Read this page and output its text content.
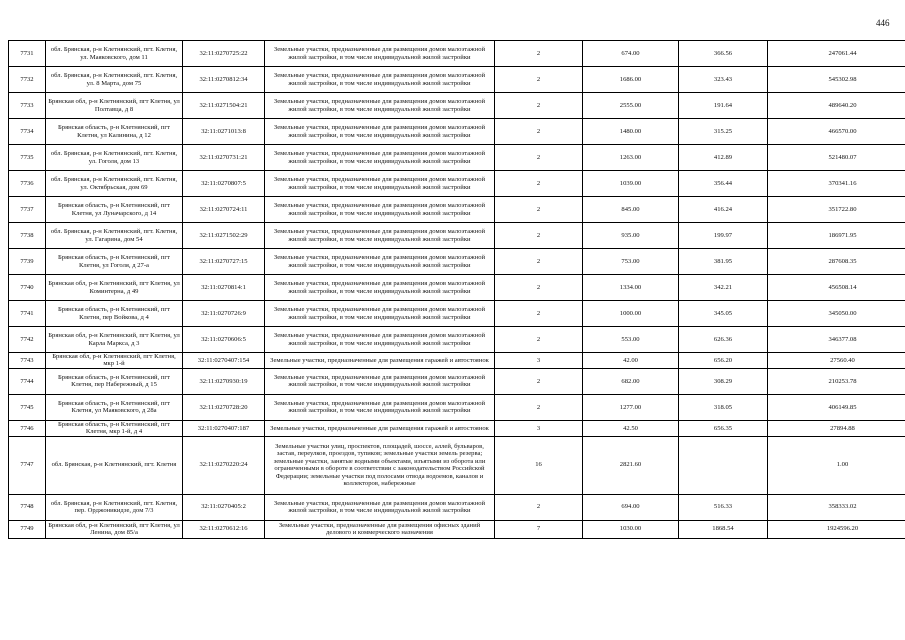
446
7731	обл. Брянская, р-н Клетнянский, пгт. Клетня, ул. Маяковского, дом 11	32:11:0270725:22	Земельные участки, предназначенные для размещения домов малоэтажной жилой застройки, в том числе индивидуальной жилой застройки	2	674.00	366.56	247061.44
7732	обл. Брянская, р-н Клетнянский, пгт. Клетня, ул. 8 Марта, дом 75	32:11:0270812:34	Земельные участки, предназначенные для размещения домов малоэтажной жилой застройки, в том числе индивидуальной жилой застройки	2	1686.00	323.43	545302.98
7733	Брянская обл, р-н Клетнянский, пгт Клетня, ул Полтавца, д 8	32:11:0271504:21	Земельные участки, предназначенные для размещения домов малоэтажной жилой застройки, в том числе индивидуальной жилой застройки	2	2555.00	191.64	489640.20
7734	Брянская область, р-н Клетнянский, пгт Клетня, ул Калинина, д 12	32:11:0271013:8	Земельные участки, предназначенные для размещения домов малоэтажной жилой застройки, в том числе индивидуальной жилой застройки	2	1480.00	315.25	466570.00
7735	обл. Брянская, р-н Клетнянский, пгт. Клетня, ул. Гоголя, дом 13	32:11:0270731:21	Земельные участки, предназначенные для размещения домов малоэтажной жилой застройки, в том числе индивидуальной жилой застройки	2	1263.00	412.89	521480.07
7736	обл. Брянская, р-н Клетнянский, пгт. Клетня, ул. Октябрьская, дом 69	32:11:0270807:5	Земельные участки, предназначенные для размещения домов малоэтажной жилой застройки, в том числе индивидуальной жилой застройки	2	1039.00	356.44	370341.16
7737	Брянская область, р-н Клетнянский, пгт Клетня, ул Луначарского, д 14	32:11:0270724:11	Земельные участки, предназначенные для размещения домов малоэтажной жилой застройки, в том числе индивидуальной жилой застройки	2	845.00	416.24	351722.80
7738	обл. Брянская, р-н Клетнянский, пгт. Клетня, ул. Гагарина, дом 54	32:11:0271502:29	Земельные участки, предназначенные для размещения домов малоэтажной жилой застройки, в том числе индивидуальной жилой застройки	2	935.00	199.97	186971.95
7739	Брянская область, р-н Клетнянский, пгт Клетня, ул Гоголя, д 27-а	32:11:0270727:15	Земельные участки, предназначенные для размещения домов малоэтажной жилой застройки, в том числе индивидуальной жилой застройки	2	753.00	381.95	287608.35
7740	Брянская обл, р-н Клетнянский, пгт Клетня, ул Коминтерна, д 49	32:11:0270814:1	Земельные участки, предназначенные для размещения домов малоэтажной жилой застройки, в том числе индивидуальной жилой застройки	2	1334.00	342.21	456508.14
7741	Брянская область, р-н Клетнянский, пгт Клетня, пер Войкова, д 4	32:11:0270726:9	Земельные участки, предназначенные для размещения домов малоэтажной жилой застройки, в том числе индивидуальной жилой застройки	2	1000.00	345.05	345050.00
7742	Брянская обл, р-н Клетнянский, пгт Клетня, ул Карла Маркса, д 3	32:11:0270606:5	Земельные участки, предназначенные для размещения домов малоэтажной жилой застройки, в том числе индивидуальной жилой застройки	2	553.00	626.36	346377.08
7743	Брянская обл, р-н Клетнянский, пгт Клетня, мкр 1-й	32:11:0270407:154	Земельные участки, предназначенные для размещения гаражей и автостоянок	3	42.00	656.20	27560.40
7744	Брянская область, р-н Клетнянский, пгт Клетня, пер Набережный, д 15	32:11:0270930:19	Земельные участки, предназначенные для размещения домов малоэтажной жилой застройки, в том числе индивидуальной жилой застройки	2	682.00	308.29	210253.78
7745	Брянская область, р-н Клетнянский, пгт Клетня, ул Маяковского, д 28а	32:11:0270728:20	Земельные участки, предназначенные для размещения домов малоэтажной жилой застройки, в том числе индивидуальной жилой застройки	2	1277.00	318.05	406149.85
7746	Брянская область, р-н Клетнянский, пгт Клетня, мкр 1-й, д 4	32:11:0270407:187	Земельные участки, предназначенные для размещения гаражей и автостоянок	3	42.50	656.35	27894.88
7747	обл. Брянская, р-н Клетнянский, пгт. Клетня	32:11:0270220:24	Земельные участки улиц, проспектов, площадей, шоссе, аллей, бульваров, застав, переулков, проездов, тупиков; земельные участки земель резерва; земельные участки, занятые водными объектами, изъятыми из оборота или ограниченными в обороте в соответствии с законодательством Российской Федерации; земельные участки под полосами отвода водоемов, каналов и коллекторов, набережные	16	2821.60		1.00
7748	обл. Брянская, р-н Клетнянский, пгт. Клетня, пер. Орджоникидзе, дом 7/3	32:11:0270405:2	Земельные участки, предназначенные для размещения домов малоэтажной жилой застройки, в том числе индивидуальной жилой застройки	2	694.00	516.33	358333.02
7749	Брянская обл, р-н Клетнянский, пгт Клетня, ул Ленина, дом 85/а	32:11:0270612:16	Земельные участки, предназначенные для размещения офисных зданий делового и коммерческого назначения	7	1030.00	1868.54	1924596.20
